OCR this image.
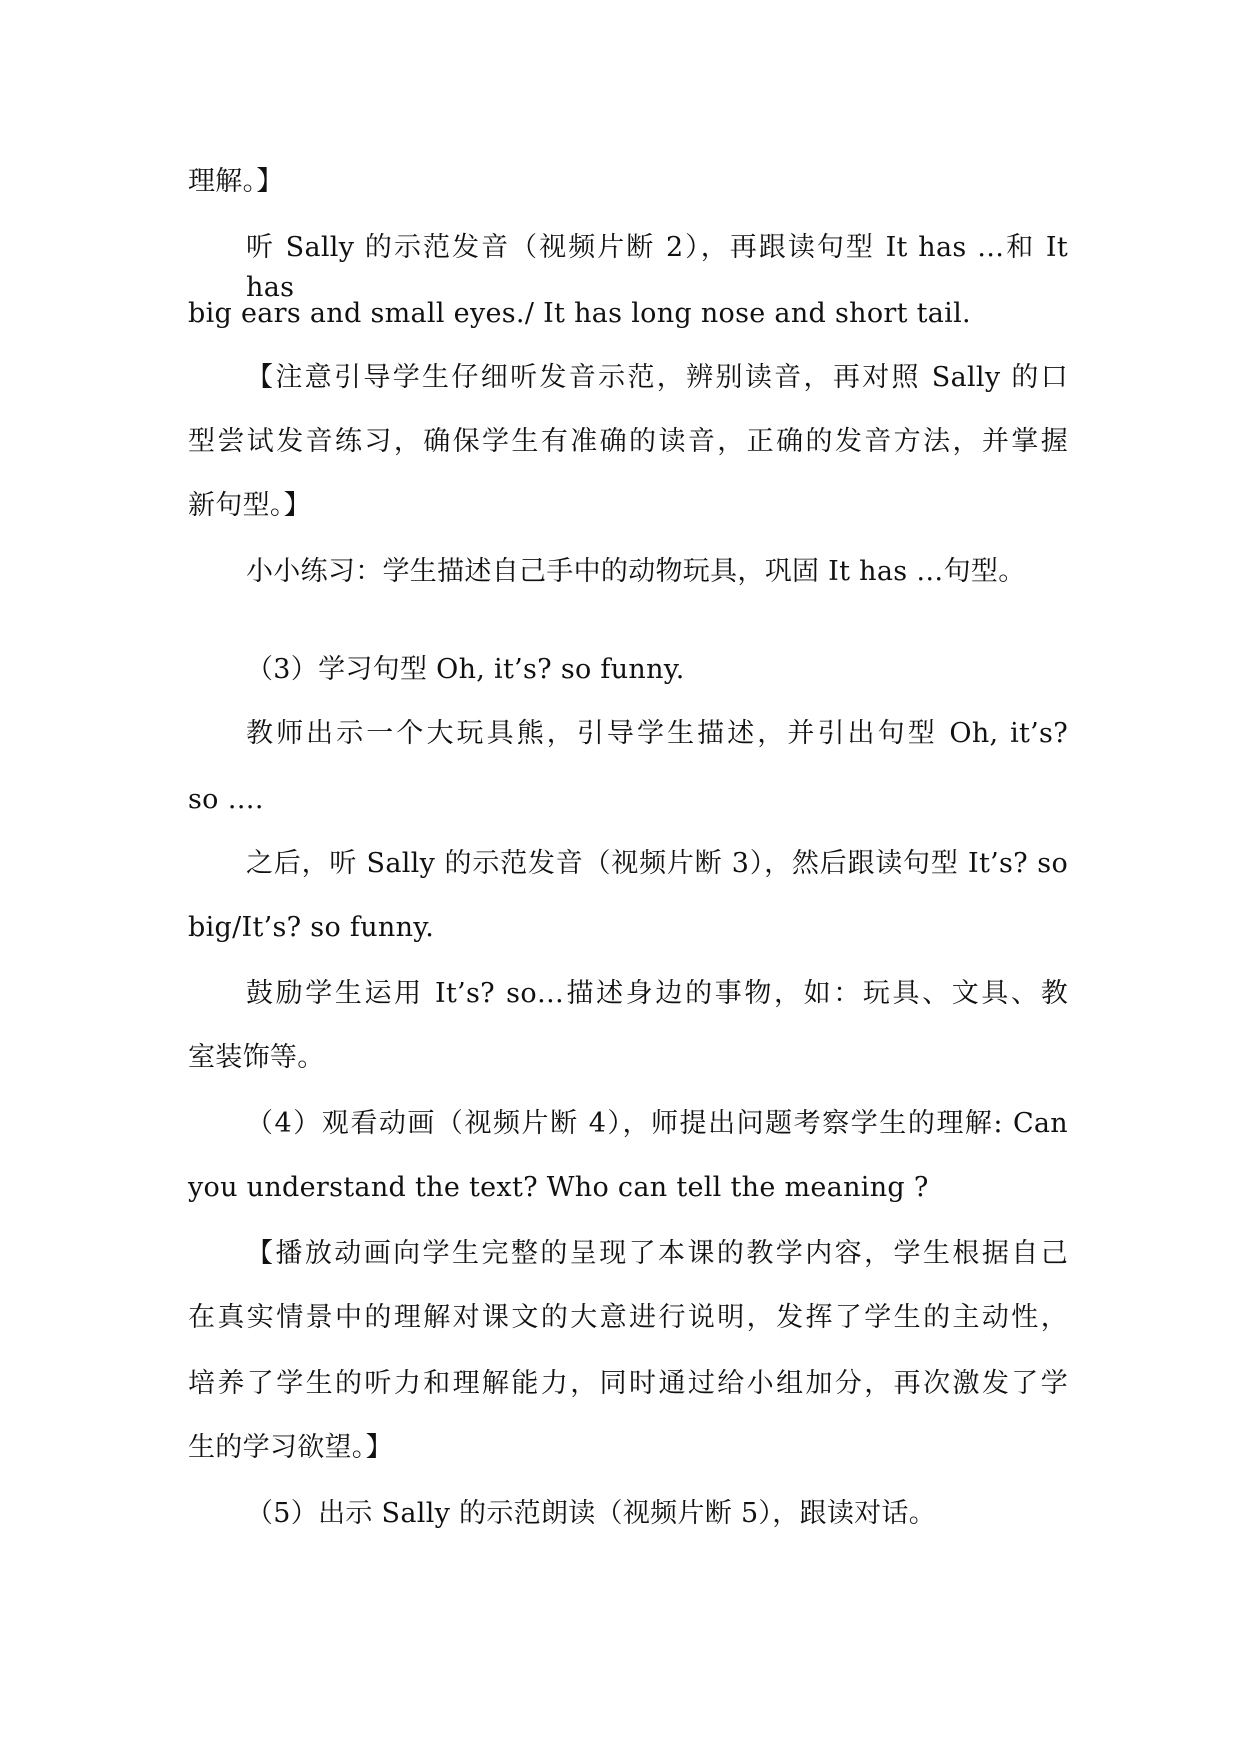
理解。】
听 Sally 的示范发音（视频片断 2），再跟读句型 It has …和 It has
big ears and small eyes./ It has long nose and short tail.
【注意引导学生仔细听发音示范，辨别读音，再对照 Sally 的口
型尝试发音练习，确保学生有准确的读音，正确的发音方法，并掌握
新句型。】
小小练习：学生描述自己手中的动物玩具，巩固 It has …句型。
（3）学习句型 Oh, it’s? so funny.
教师出示一个大玩具熊，引导学生描述，并引出句型 Oh, it’s?
so ….
之后，听 Sally 的示范发音（视频片断 3），然后跟读句型 It’s? so
big/It’s? so funny.
鼓励学生运用 It’s? so…描述身边的事物，如：玩具、文具、教
室装饰等。
（4）观看动画（视频片断 4），师提出问题考察学生的理解: Can
you understand the text? Who can tell the meaning ?
【播放动画向学生完整的呈现了本课的教学内容，学生根据自己
在真实情景中的理解对课文的大意进行说明，发挥了学生的主动性，
培养了学生的听力和理解能力，同时通过给小组加分，再次激发了学
生的学习欲望。】
（5）出示 Sally 的示范朗读（视频片断 5），跟读对话。
